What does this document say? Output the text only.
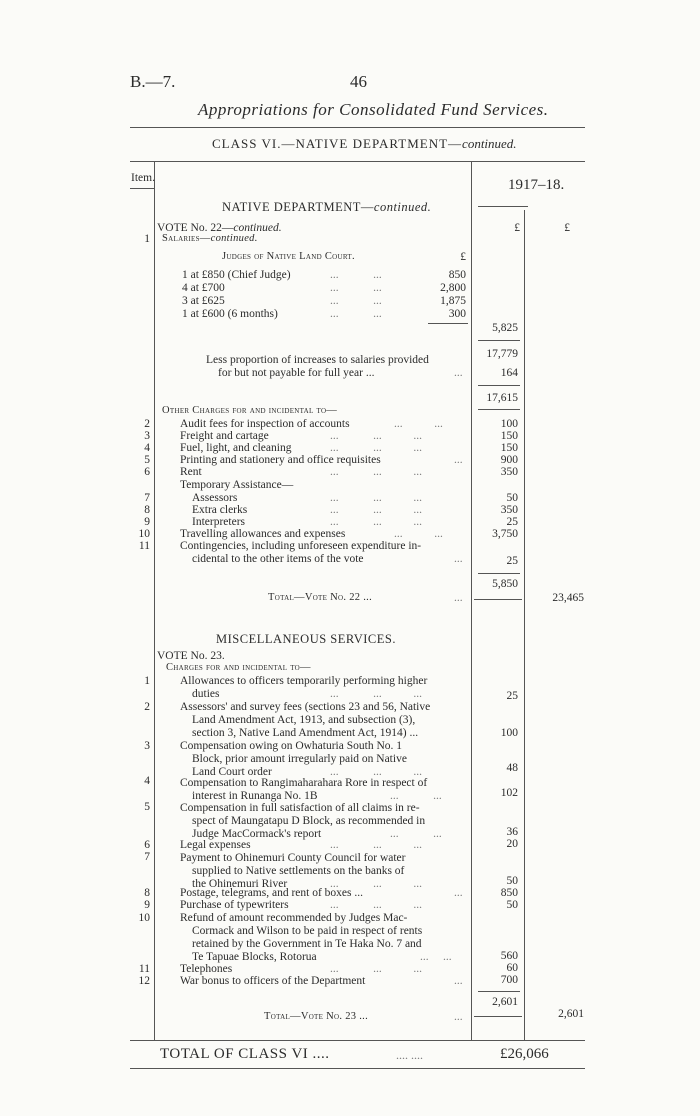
B.—7.	46
Appropriations for Consolidated Fund Services.
CLASS VI.—NATIVE DEPARTMENT—continued.
Item.	1917–18.
£	£
NATIVE DEPARTMENT—continued.
VOTE No. 22—continued.
1 Salaries—continued.
Judges of Native Land Court.	£
1 at £850 (Chief Judge)	...            ...	850
4 at £700	...            ...	2,800
3 at £625	...            ...	1,875
1 at £600 (6 months)	...            ...	300
5,825
17,779
Less proportion of increases to salaries provided
for but not payable for full year ...	...	164
17,615
Other Charges for and incidental to—
2	Audit fees for inspection of accounts	...           ...	100
3	Freight and cartage	...            ...           ...	150
4	Fuel, light, and cleaning	...            ...           ...	150
5	Printing and stationery and office requisites	...	900
6	Rent	...            ...           ...	350
Temporary Assistance—
7	Assessors	...            ...           ...	50
8	Extra clerks	...            ...           ...	350
9	Interpreters	...            ...           ...	25
10	Travelling allowances and expenses	...           ...	3,750
11	Contingencies, including unforeseen expenditure in-
cidental to the other items of the vote	...	25
5,850
Total—Vote No. 22 ...	...	23,465
MISCELLANEOUS SERVICES.
VOTE No. 23.
Charges for and incidental to—
1	Allowances to officers temporarily performing higher
duties	...            ...           ...	25
2	Assessors' and survey fees (sections 23 and 56, Native
Land Amendment Act, 1913, and subsection (3),
section 3, Native Land Amendment Act, 1914) ...	100
3	Compensation owing on Owhaturia South No. 1
Block, prior amount irregularly paid on Native
Land Court order	...            ...           ...	48
4	Compensation to Rangimaharahara Rore in respect of
interest in Runanga No. 1B	...            ...	102
5	Compensation in full satisfaction of all claims in re-
spect of Maungatapu D Block, as recommended in
Judge MacCormack's report	...            ...	36
6	Legal expenses	...            ...           ...	20
7	Payment to Ohinemuri County Council for water
supplied to Native settlements on the banks of
the Ohinemuri River	...            ...           ...	50
8	Postage, telegrams, and rent of boxes ...	...	850
9	Purchase of typewriters	...            ...           ...	50
10	Refund of amount recommended by Judges Mac-
Cormack and Wilson to be paid in respect of rents
retained by the Government in Te Haka No. 7 and
Te Tapuae Blocks, Rotorua	...     ...	560
11	Telephones	...            ...           ...	60
12	War bonus to officers of the Department	...	700
2,601
Total—Vote No. 23 ...	...	2,601
TOTAL OF CLASS VI ....	.... ....	£26,066
